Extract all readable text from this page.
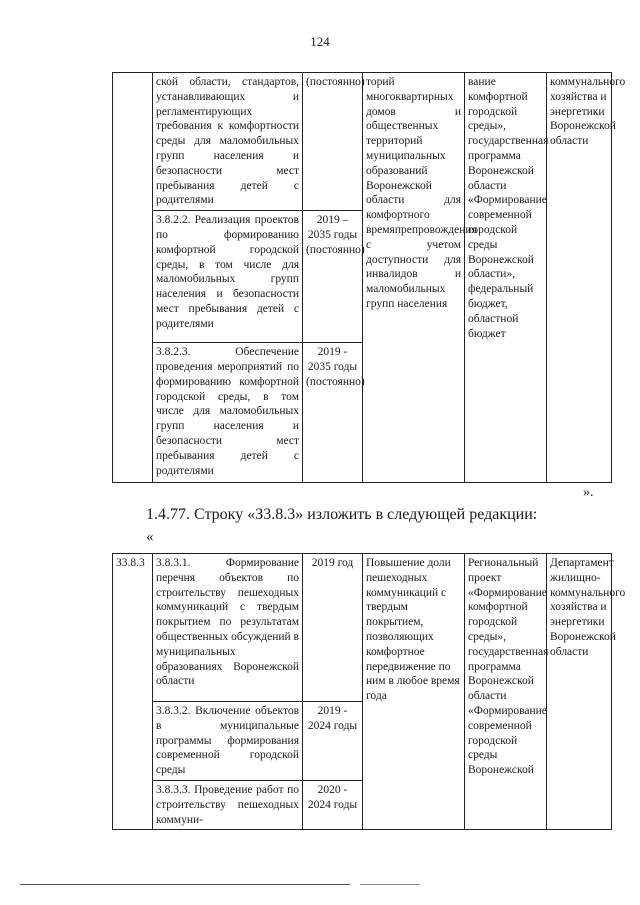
124
	ской области, стандартов, устанавливающих и регламентирующих требования к комфортности среды для маломобильных групп населения и безопасности мест пребывания детей с родителями	(постоянно)	торий многоквартирных домов и общественных территорий муниципальных образований Воронежской области для комфортного времяпрепровождения с учетом доступности для инвалидов и маломобильных групп населения	вание комфортной городской среды», государственная программа Воронежской области «Формирование современной городской среды Воронежской области», федеральный бюджет, областной бюджет	коммунального хозяйства и энергетики Воронежской области
	3.8.2.2. Реализация проектов по формированию комфортной городской среды, в том числе для маломобильных групп населения и безопасности мест пребывания детей с родителями	2019 – 2035 годы (постоянно)			
	3.8.2.3. Обеспечение проведения мероприятий по формированию комфортной городской среды, в том числе для маломобильных групп населения и безопасности мест пребывания детей с родителями	2019 - 2035 годы (постоянно)			
».
1.4.77. Строку «З3.8.3» изложить в следующей редакции:
«
З3.8.3	3.8.3.1. Формирование перечня объектов по строительству пешеходных коммуникаций с твердым покрытием по результатам общественных обсуждений в муниципальных образованиях Воронежской области	2019 год	Повышение доли пешеходных коммуникаций с твердым покрытием, позволяющих комфортное передвижение по ним в любое время года	Региональный проект «Формирование комфортной городской среды», государственная программа Воронежской области «Формирование современной городской среды Воронежской	Департамент жилищно-коммунального хозяйства и энергетики Воронежской области
	3.8.3.2. Включение объектов в муниципальные программы формирования современной городской среды	2019 - 2024 годы			
	3.8.3.3. Проведение работ по строительству пешеходных коммуни-	2020 - 2024 годы			
